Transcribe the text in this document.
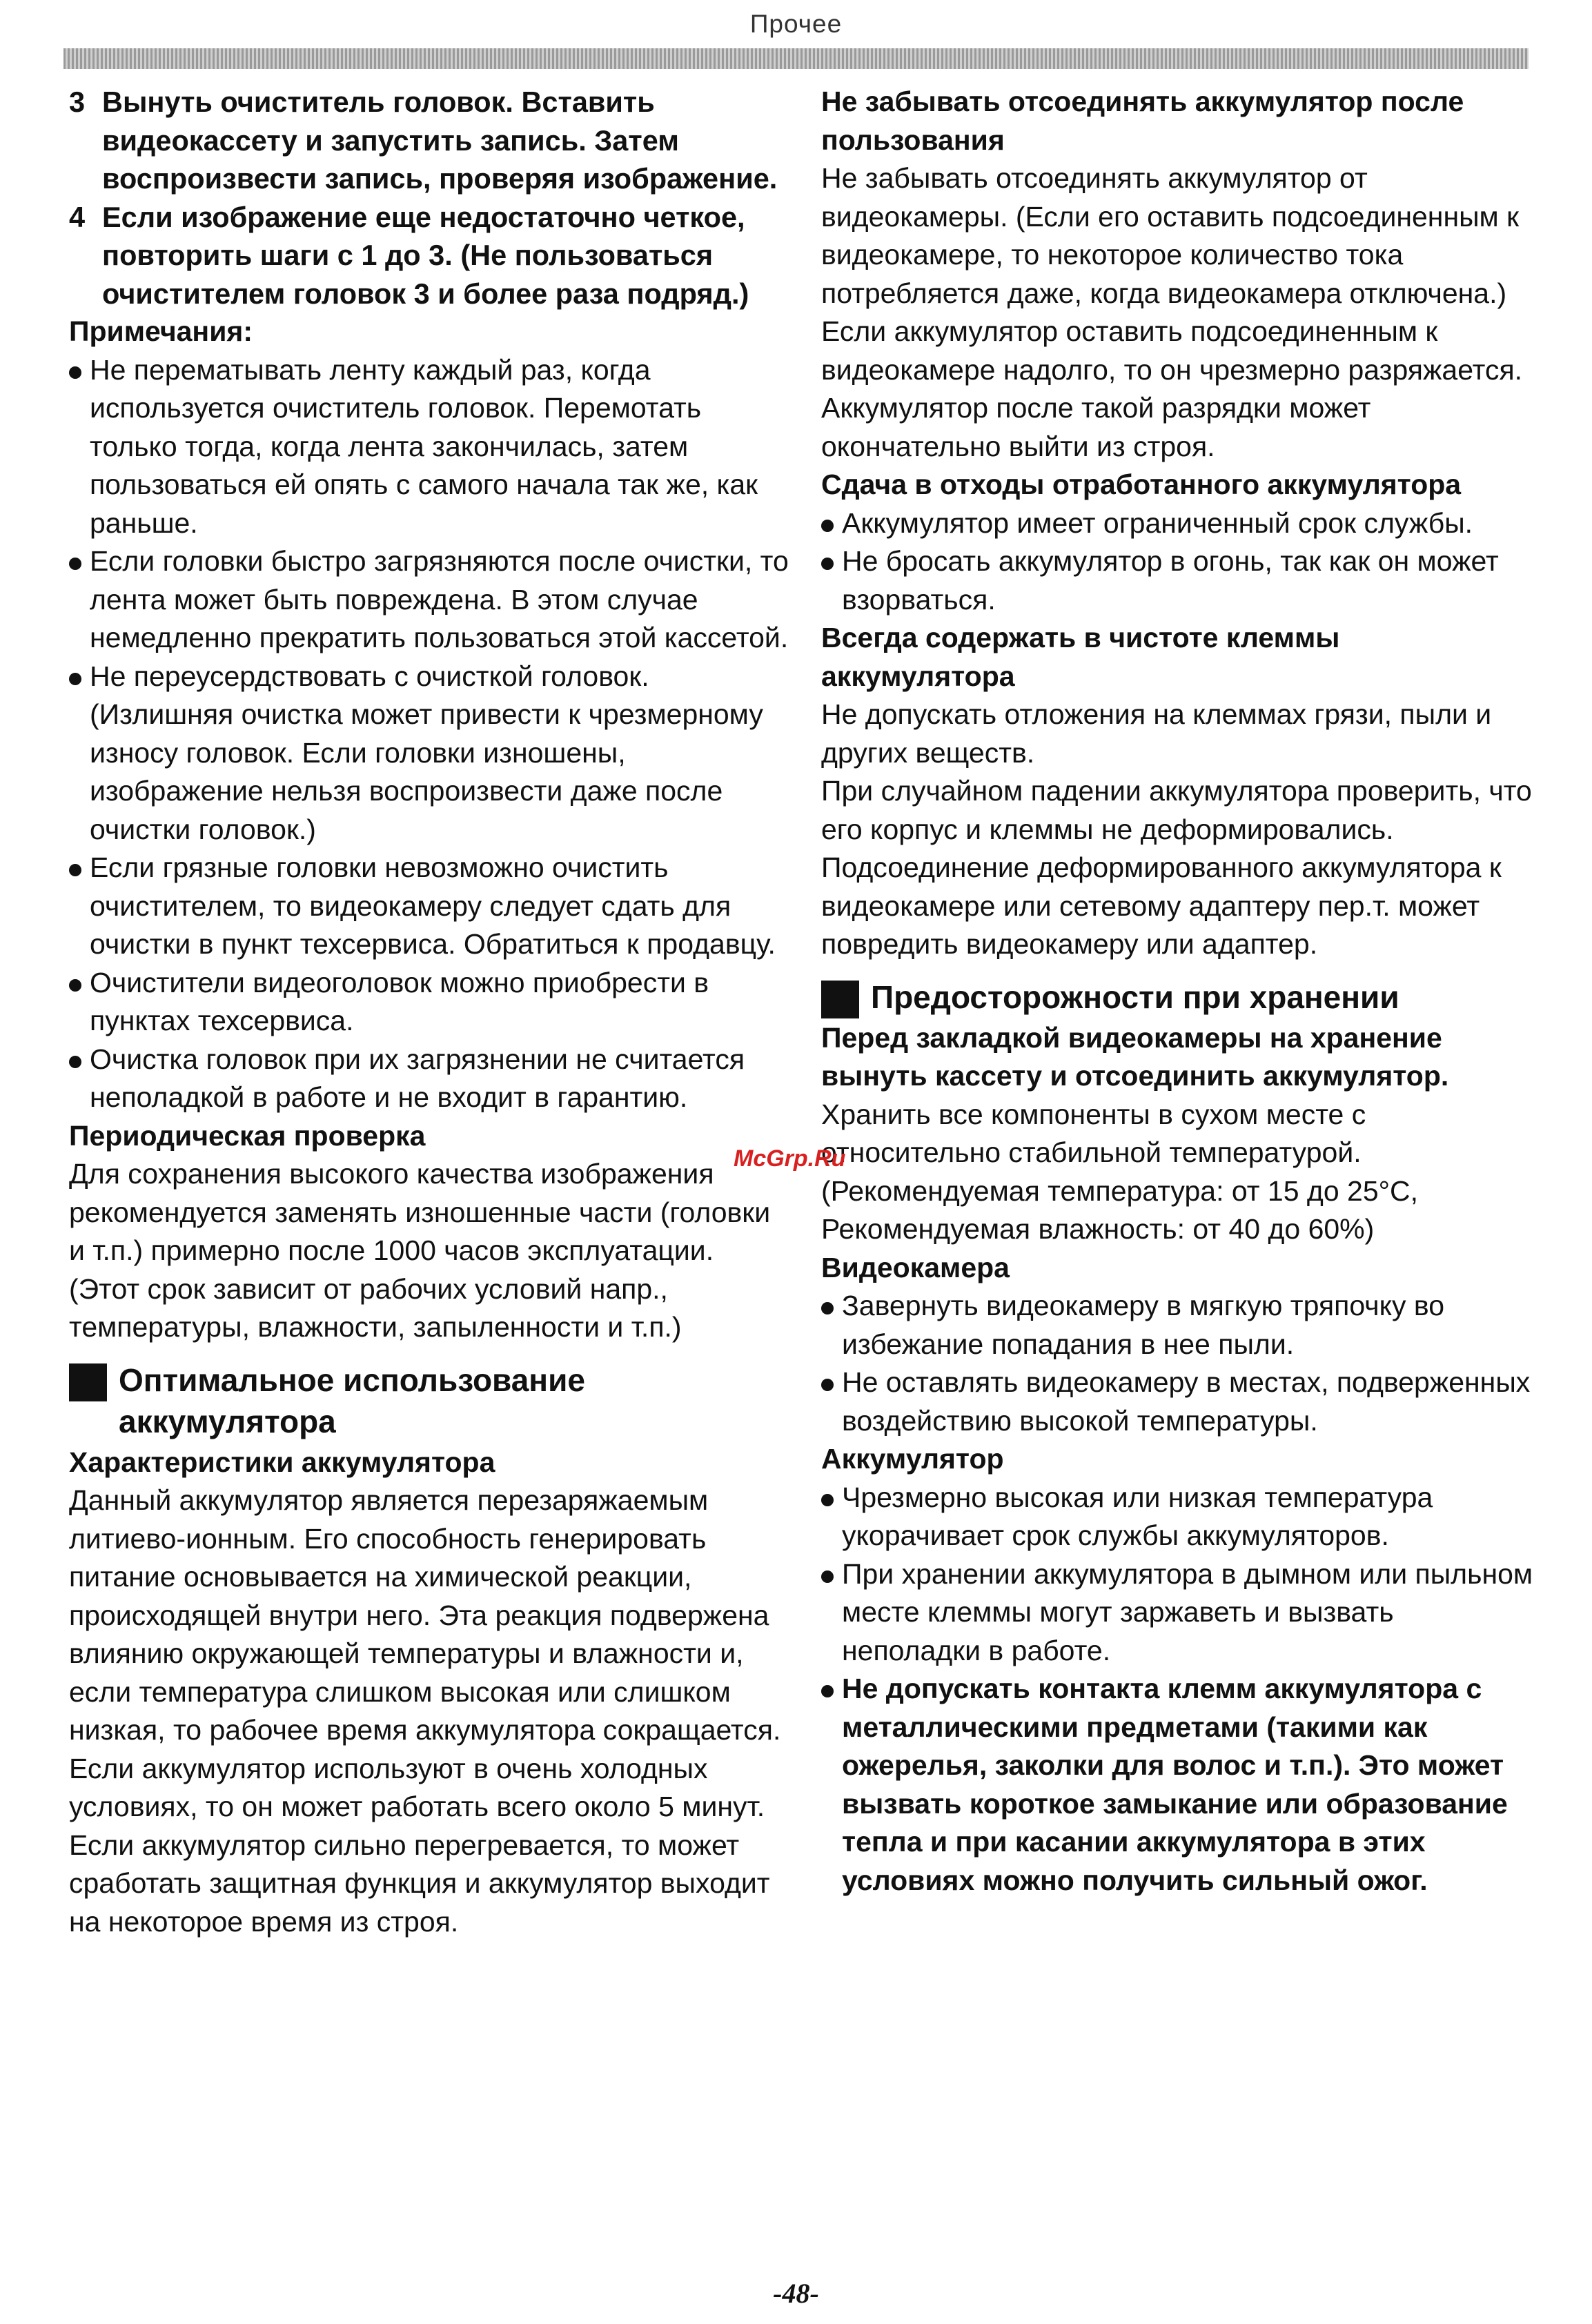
Прочее
3 Вынуть очиститель головок. Вставить видеокассету и запустить запись. Затем воспроизвести запись, проверяя изображение.
4 Если изображение еще недостаточно четкое, повторить шаги с 1 до 3. (Не пользоваться очистителем головок 3 и более раза подряд.)

Примечания:

Не перематывать ленту каждый раз, когда используется очиститель головок. Перемотать только тогда, когда лента закончилась, затем пользоваться ей опять с самого начала так же, как раньше.

Если головки быстро загрязняются после очистки, то лента может быть повреждена. В этом случае немедленно прекратить пользоваться этой кассетой.

Не переусердствовать с очисткой головок. (Излишняя очистка может привести к чрезмерному износу головок. Если головки изношены, изображение нельзя воспроизвести даже после очистки головок.)

Если грязные головки невозможно очистить очистителем, то видеокамеру следует сдать для очистки в пункт техсервиса. Обратиться к продавцу.

Очистители видеоголовок можно приобрести в пунктах техсервиса.

Очистка головок при их загрязнении не считается неполадкой в работе и не входит в гарантию.

Периодическая проверка

Для сохранения высокого качества изображения рекомендуется заменять изношенные части (головки и т.п.) примерно после 1000 часов эксплуатации. (Этот срок зависит от рабочих условий напр., температуры, влажности, запыленности и т.п.)

Оптимальное использование аккумулятора

Характеристики аккумулятора

Данный аккумулятор является перезаряжаемым литиево-ионным. Его способность генерировать питание основывается на химической реакции, происходящей внутри него. Эта реакция подвержена влиянию окружающей температуры и влажности и, если температура слишком высокая или слишком низкая, то рабочее время аккумулятора сокращается. Если аккумулятор используют в очень холодных условиях, то он может работать всего около 5 минут. Если аккумулятор сильно перегревается, то может сработать защитная функция и аккумулятор выходит на некоторое время из строя.

Не забывать отсоединять аккумулятор после пользования

Не забывать отсоединять аккумулятор от видеокамеры. (Если его оставить подсоединенным к видеокамере, то некоторое количество тока потребляется даже, когда видеокамера отключена.) Если аккумулятор оставить подсоединенным к видеокамере надолго, то он чрезмерно разряжается. Аккумулятор после такой разрядки может окончательно выйти из строя.

Сдача в отходы отработанного аккумулятора

Аккумулятор имеет ограниченный срок службы.

Не бросать аккумулятор в огонь, так как он может взорваться.

Всегда содержать в чистоте клеммы аккумулятора

Не допускать отложения на клеммах грязи, пыли и других веществ.

При случайном падении аккумулятора проверить, что его корпус и клеммы не деформировались.

Подсоединение деформированного аккумулятора к видеокамере или сетевому адаптеру пер.т. может повредить видеокамеру или адаптер.

Предосторожности при хранении

Перед закладкой видеокамеры на хранение вынуть кассету и отсоединить аккумулятор.

Хранить все компоненты в сухом месте с относительно стабильной температурой.

(Рекомендуемая температура: от 15 до 25°C,

Рекомендуемая влажность: от 40 до 60%)

Видеокамера

Завернуть видеокамеру в мягкую тряпочку во избежание попадания в нее пыли.

Не оставлять видеокамеру в местах, подверженных воздействию высокой температуры.

Аккумулятор

Чрезмерно высокая или низкая температура укорачивает срок службы аккумуляторов.

При хранении аккумулятора в дымном или пыльном месте клеммы могут заржаветь и вызвать неполадки в работе.

Не допускать контакта клемм аккумулятора с металлическими предметами (такими как ожерелья, заколки для волос и т.п.). Это может вызвать короткое замыкание или образование тепла и при касании аккумулятора в этих условиях можно получить сильный ожог.

McGrp.Ru
-48-
